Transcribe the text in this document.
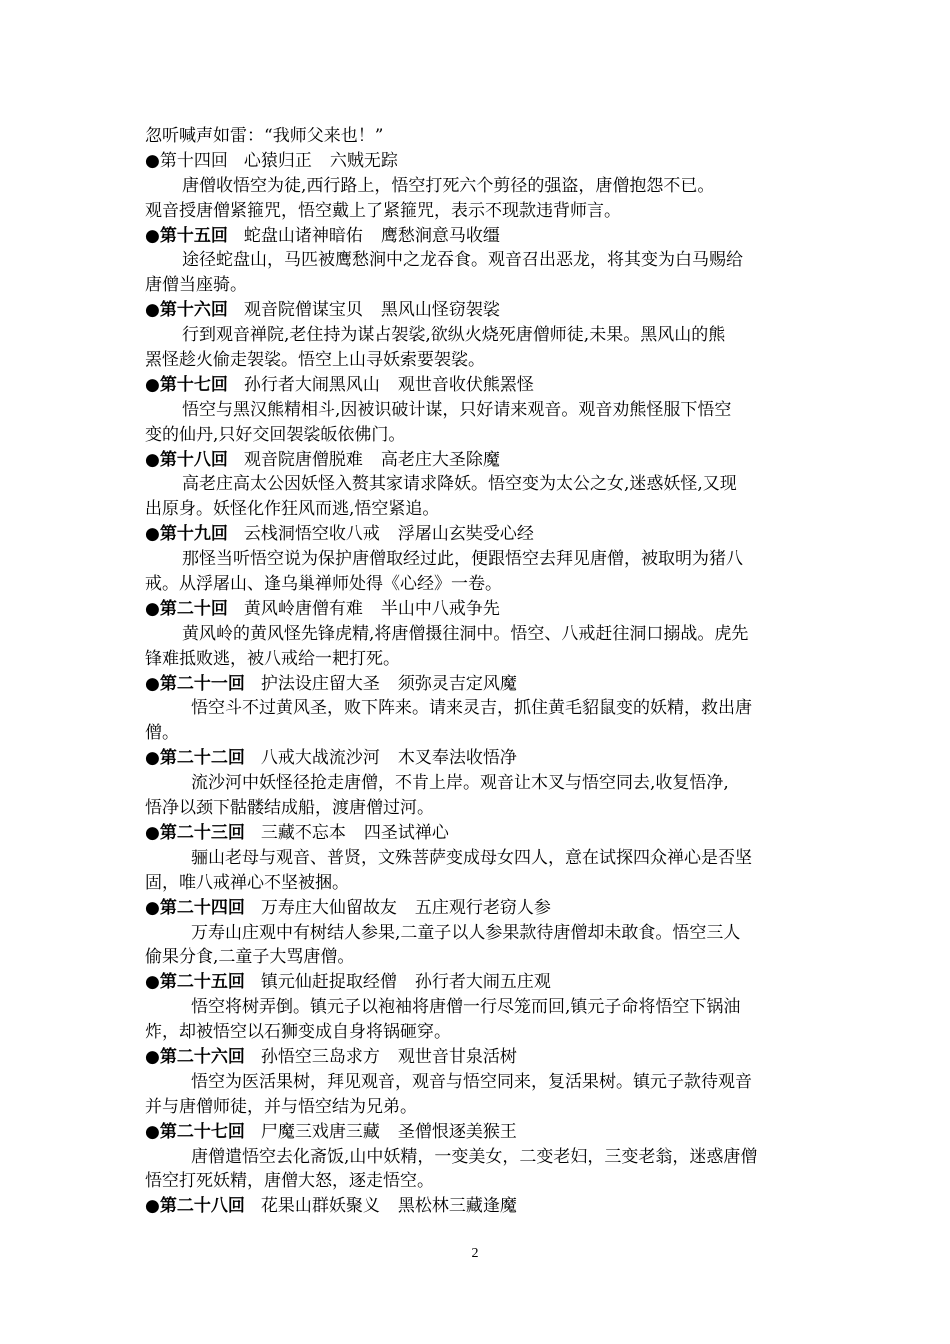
忽听喊声如雷：“我师父来也！”
●第十四回 心猿归正 六贼无踪
唐僧收悟空为徒,西行路上，悟空打死六个剪径的强盗，唐僧抱怨不已。
观音授唐僧紧箍咒，悟空戴上了紧箍咒，表示不现款违背师言。
●第十五回 蛇盘山诸神暗佑 鹰愁涧意马收缰
途径蛇盘山，马匹被鹰愁涧中之龙吞食。观音召出恶龙，将其变为白马赐给
唐僧当座骑。
●第十六回 观音院僧谋宝贝 黑风山怪窃袈裟
行到观音禅院,老住持为谋占袈裟,欲纵火烧死唐僧师徒,未果。黑风山的熊
罴怪趁火偷走袈裟。悟空上山寻妖索要袈裟。
●第十七回 孙行者大闹黑风山 观世音收伏熊罴怪
悟空与黑汉熊精相斗,因被识破计谋，只好请来观音。观音劝熊怪服下悟空
变的仙丹,只好交回袈裟皈依佛门。
●第十八回 观音院唐僧脱难 高老庄大圣除魔
高老庄高太公因妖怪入赘其家请求降妖。悟空变为太公之女,迷惑妖怪,又现
出原身。妖怪化作狂风而逃,悟空紧追。
●第十九回 云栈洞悟空收八戒 浮屠山玄奘受心经
那怪当听悟空说为保护唐僧取经过此，便跟悟空去拜见唐僧，被取明为猪八
戒。从浮屠山、逢乌巢禅师处得《心经》一卷。
●第二十回 黄风岭唐僧有难 半山中八戒争先
黄风岭的黄风怪先锋虎精,将唐僧摄往洞中。悟空、八戒赶往洞口搦战。虎先
锋难抵败逃，被八戒给一耙打死。
●第二十一回 护法设庄留大圣 须弥灵吉定风魔
悟空斗不过黄风圣，败下阵来。请来灵吉，抓住黄毛貂鼠变的妖精，救出唐
僧。
●第二十二回 八戒大战流沙河 木叉奉法收悟净
流沙河中妖怪径抢走唐僧，不肯上岸。观音让木叉与悟空同去,收复悟净,
悟净以颈下骷髅结成船，渡唐僧过河。
●第二十三回 三藏不忘本 四圣试禅心
骊山老母与观音、普贤，文殊菩萨变成母女四人，意在试探四众禅心是否坚
固，唯八戒禅心不坚被捆。
●第二十四回 万寿庄大仙留故友 五庄观行老窃人参
万寿山庄观中有树结人参果,二童子以人参果款待唐僧却未敢食。悟空三人
偷果分食,二童子大骂唐僧。
●第二十五回 镇元仙赶捉取经僧 孙行者大闹五庄观
悟空将树弄倒。镇元子以袍袖将唐僧一行尽笼而回,镇元子命将悟空下锅油
炸，却被悟空以石狮变成自身将锅砸穿。
●第二十六回 孙悟空三岛求方 观世音甘泉活树
悟空为医活果树，拜见观音，观音与悟空同来，复活果树。镇元子款待观音
并与唐僧师徒，并与悟空结为兄弟。
●第二十七回 尸魔三戏唐三藏 圣僧恨逐美猴王
唐僧遣悟空去化斋饭,山中妖精，一变美女，二变老妇，三变老翁，迷惑唐僧
悟空打死妖精，唐僧大怒，逐走悟空。
●第二十八回 花果山群妖聚义 黑松林三藏逢魔
2
